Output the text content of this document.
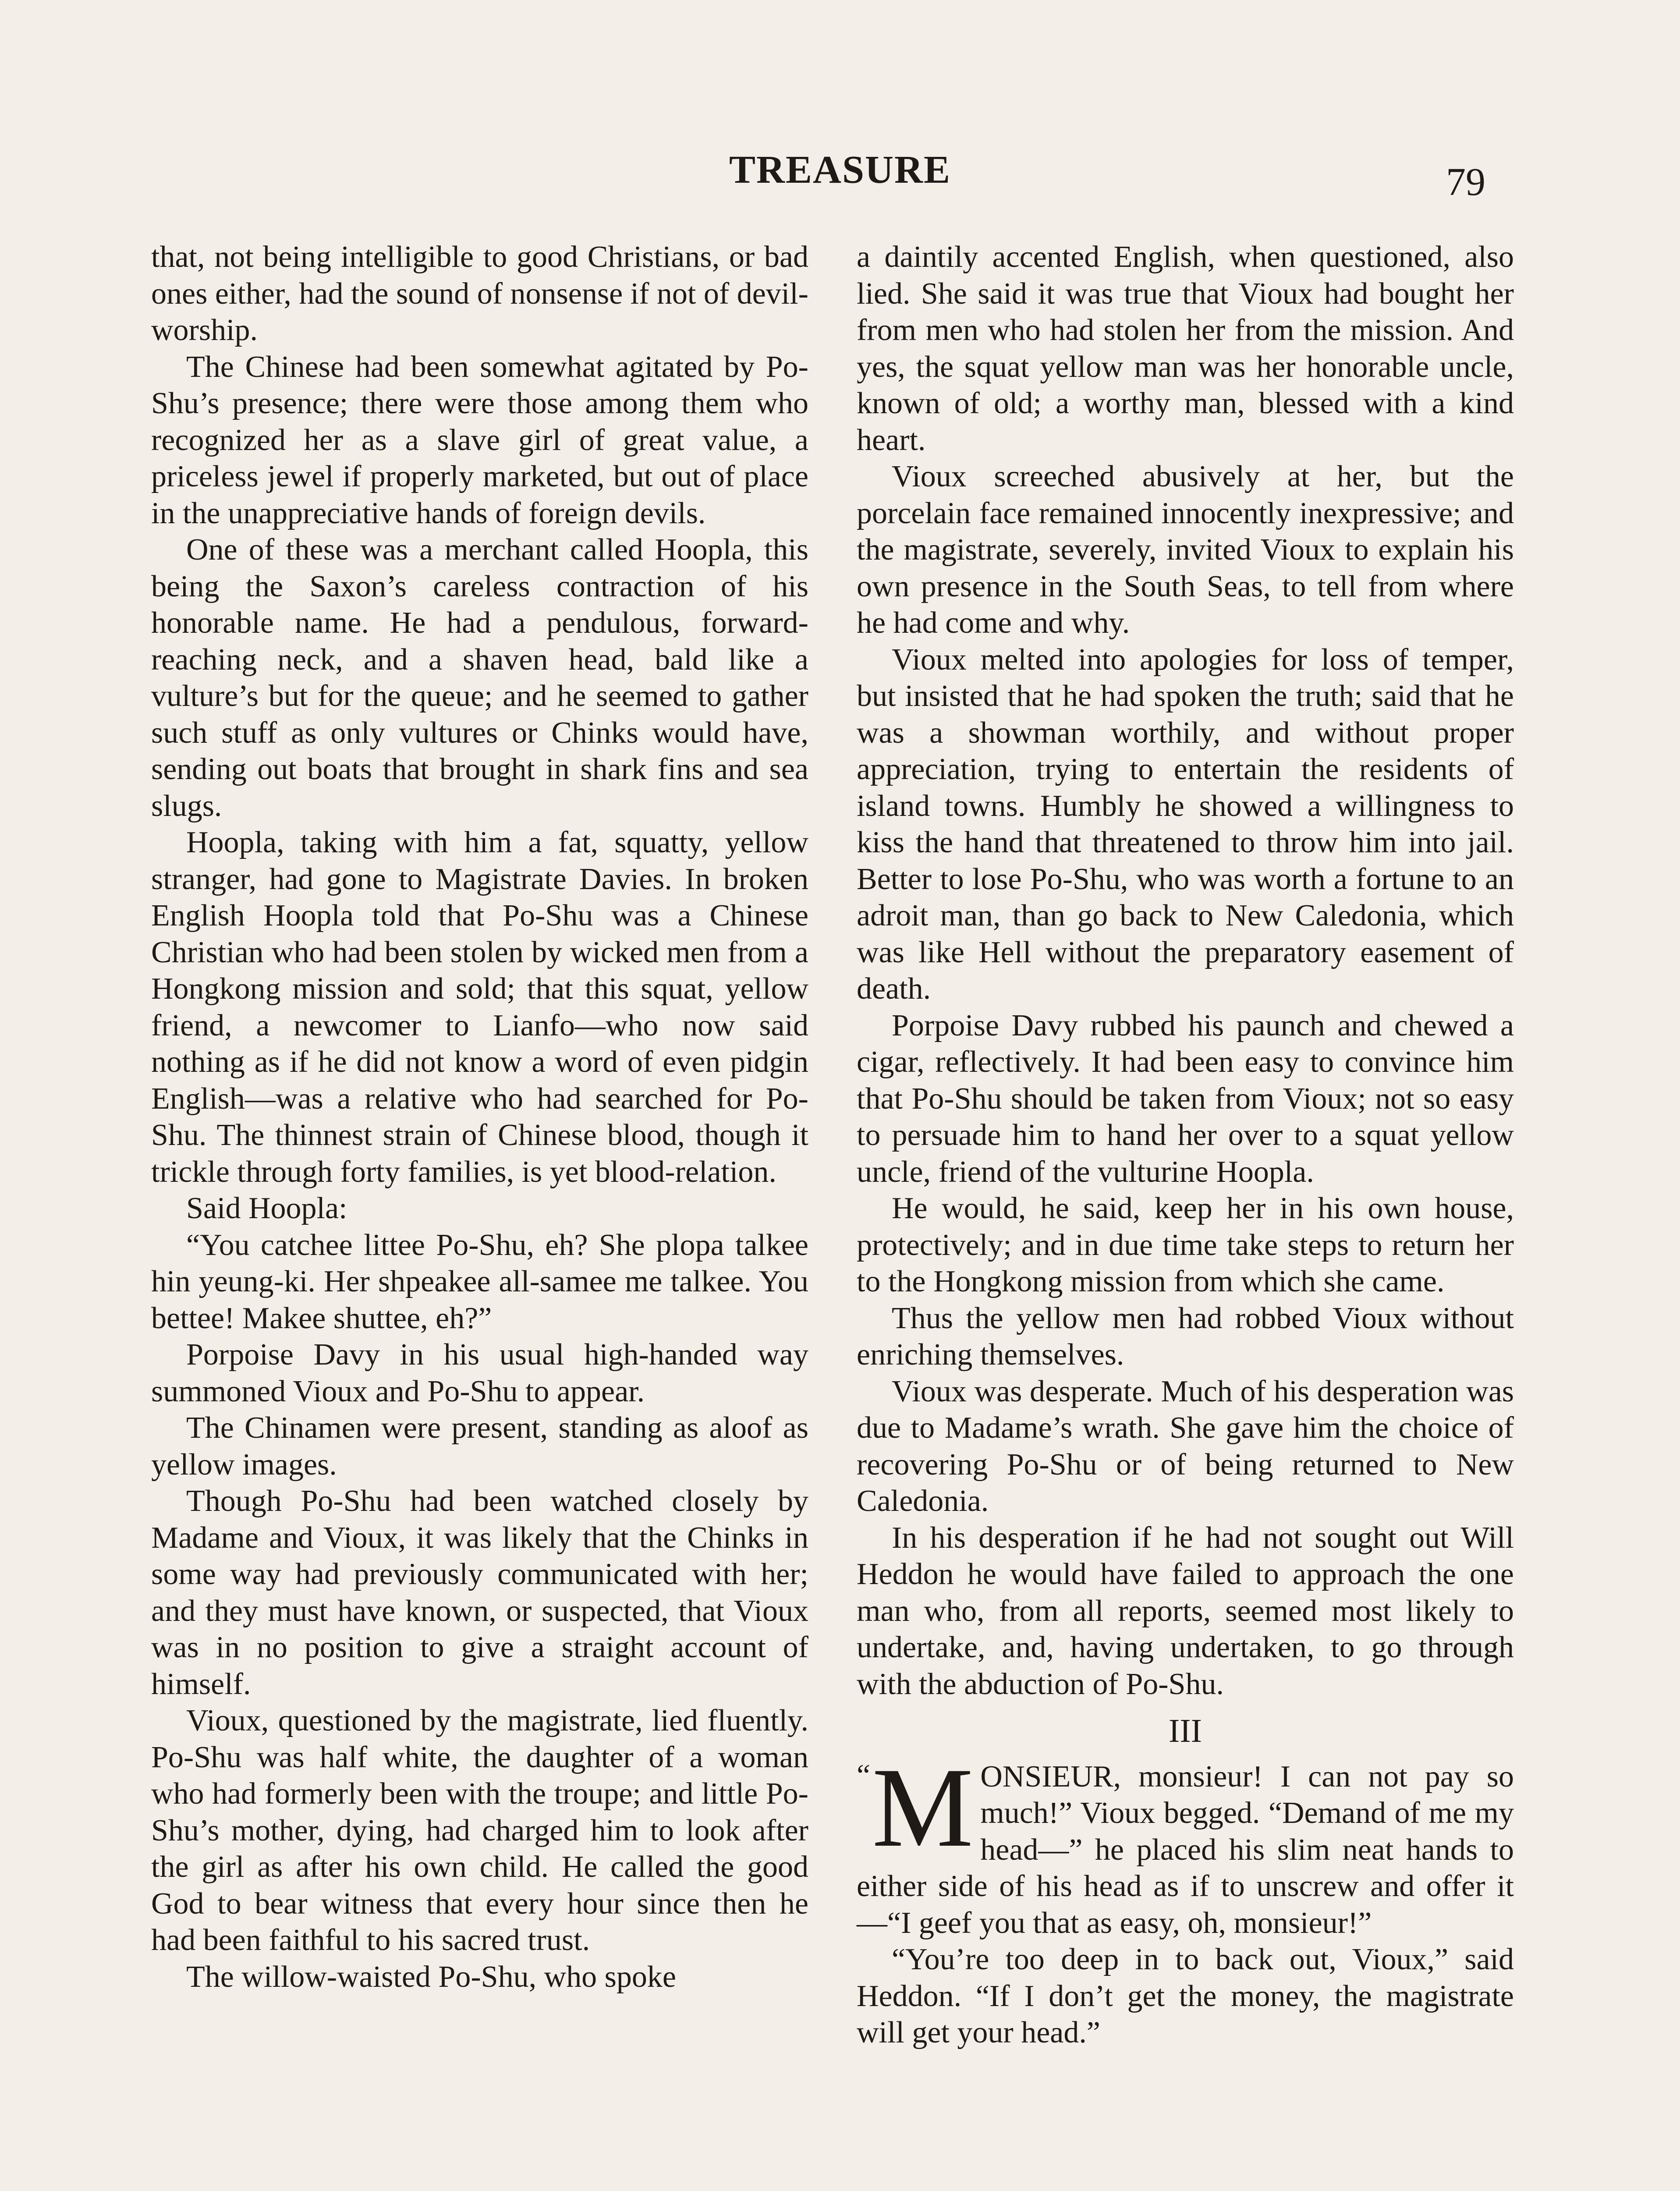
TREASURE	79

that, not being intelligible to good Christians, or bad ones either, had the sound of nonsense if not of devil-worship.

The Chinese had been somewhat agitated by Po-Shu’s presence; there were those among them who recognized her as a slave girl of great value, a priceless jewel if properly marketed, but out of place in the unappreciative hands of foreign devils.

One of these was a merchant called Hoopla, this being the Saxon’s careless contraction of his honorable name. He had a pendulous, forward-reaching neck, and a shaven head, bald like a vulture’s but for the queue; and he seemed to gather such stuff as only vultures or Chinks would have, sending out boats that brought in shark fins and sea slugs.

Hoopla, taking with him a fat, squatty, yellow stranger, had gone to Magistrate Davies. In broken English Hoopla told that Po-Shu was a Chinese Christian who had been stolen by wicked men from a Hongkong mission and sold; that this squat, yellow friend, a newcomer to Lianfo—who now said nothing as if he did not know a word of even pidgin English—was a relative who had searched for Po-Shu. The thinnest strain of Chinese blood, though it trickle through forty families, is yet blood-relation.

Said Hoopla:

“You catchee littee Po-Shu, eh? She plopa talkee hin yeung-ki. Her shpeakee all-samee me talkee. You bettee! Makee shuttee, eh?”

Porpoise Davy in his usual high-handed way summoned Vioux and Po-Shu to appear.

The Chinamen were present, standing as aloof as yellow images.

Though Po-Shu had been watched closely by Madame and Vioux, it was likely that the Chinks in some way had previously communicated with her; and they must have known, or suspected, that Vioux was in no position to give a straight account of himself.

Vioux, questioned by the magistrate, lied fluently. Po-Shu was half white, the daughter of a woman who had formerly been with the troupe; and little Po-Shu’s mother, dying, had charged him to look after the girl as after his own child. He called the good God to bear witness that every hour since then he had been faithful to his sacred trust.

The willow-waisted Po-Shu, who spoke

a daintily accented English, when questioned, also lied. She said it was true that Vioux had bought her from men who had stolen her from the mission. And yes, the squat yellow man was her honorable uncle, known of old; a worthy man, blessed with a kind heart.

Vioux screeched abusively at her, but the porcelain face remained innocently inexpressive; and the magistrate, severely, invited Vioux to explain his own presence in the South Seas, to tell from where he had come and why.

Vioux melted into apologies for loss of temper, but insisted that he had spoken the truth; said that he was a showman worthily, and without proper appreciation, trying to entertain the residents of island towns. Humbly he showed a willingness to kiss the hand that threatened to throw him into jail. Better to lose Po-Shu, who was worth a fortune to an adroit man, than go back to New Caledonia, which was like Hell without the preparatory easement of death.

Porpoise Davy rubbed his paunch and chewed a cigar, reflectively. It had been easy to convince him that Po-Shu should be taken from Vioux; not so easy to persuade him to hand her over to a squat yellow uncle, friend of the vulturine Hoopla.

He would, he said, keep her in his own house, protectively; and in due time take steps to return her to the Hongkong mission from which she came.

Thus the yellow men had robbed Vioux without enriching themselves.

Vioux was desperate. Much of his desperation was due to Madame’s wrath. She gave him the choice of recovering Po-Shu or of being returned to New Caledonia.

In his desperation if he had not sought out Will Heddon he would have failed to approach the one man who, from all reports, seemed most likely to undertake, and, having undertaken, to go through with the abduction of Po-Shu.

III

“ M ONSIEUR, monsieur! I can not pay so much!” Vioux begged. “Demand of me my head—” he placed his slim neat hands to either side of his head as if to unscrew and offer it—“I geef you that as easy, oh, monsieur!”

“You’re too deep in to back out, Vioux,” said Heddon. “If I don’t get the money, the magistrate will get your head.”
